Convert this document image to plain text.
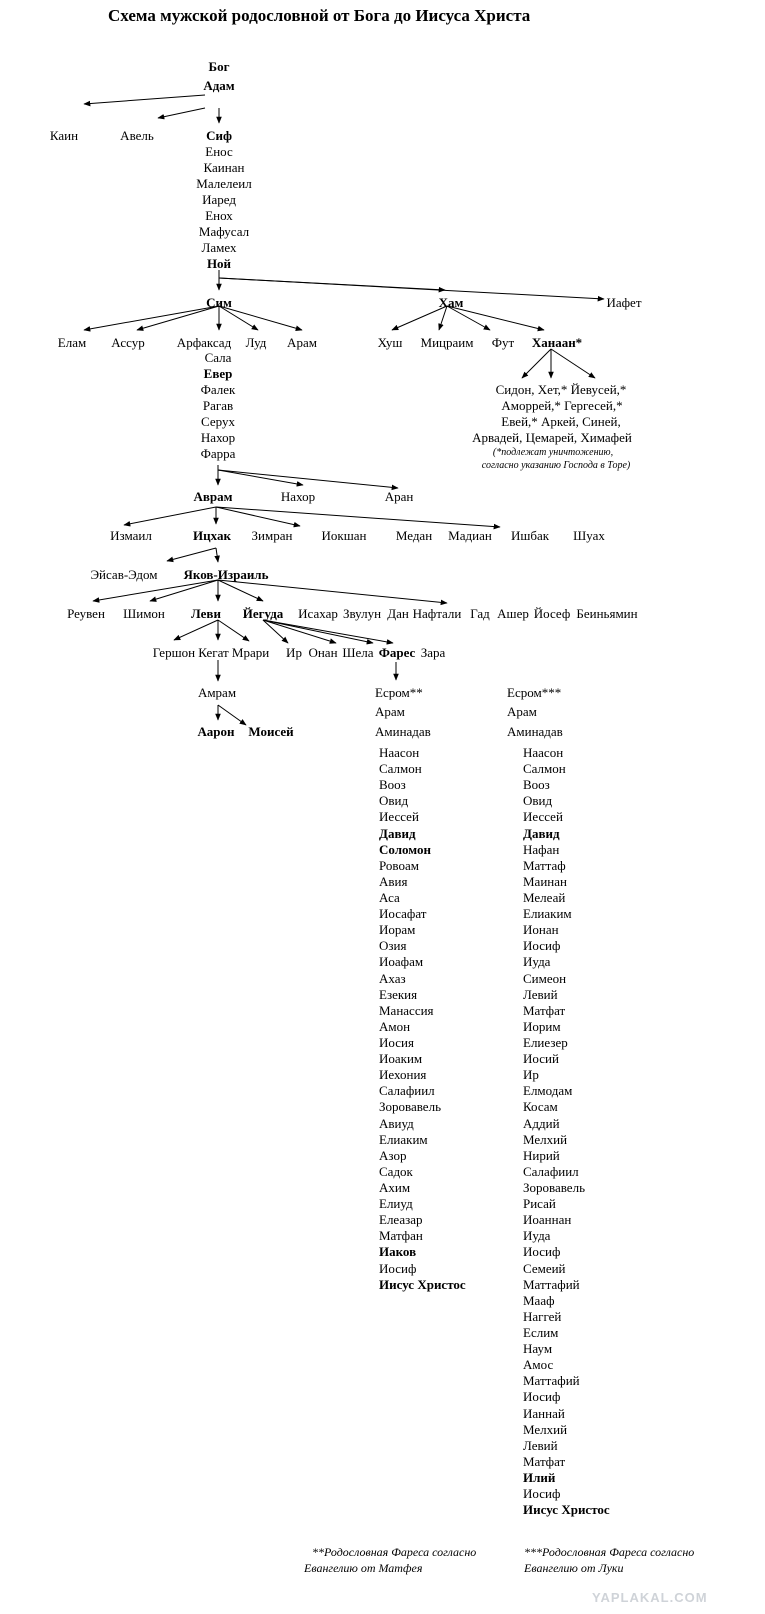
Схема мужской родословной от Бога до Иисуса Христа
Бог
Адам
Каин	Авель	Сиф
Енос
Каинан
Малелеил
Иаред
Енох
Мафусал
Ламех
Ной
Сим	Хам	Иафет
Елам Ассур Арфаксад Луд Арам	Хуш Мицраим Фут Ханаан*
Сидон, Хет,* Йевусей,*
Аморрей,* Гергесей,*
Евей,* Аркей, Синей,
Арвадей, Цемарей, Химафей
(*подлежат уничтожению,
согласно указанию Господа в Торе)
Сала
Евер
Фалек
Рагав
Серух
Нахор
Фарра
Аврам	Нахор	Аран
Измаил	Ицхак Зимран Иокшан Медан Мадиан Ишбак Шуах
Эйсав-Эдом Яков-Израиль
Реувен Шимон Леви Йегуда Исахар Звулун Дан Нафтали Гад Ашер Йосеф Беиньямин
Гершон Кегат Мрари Ир Онан Шела Фарес Зара
Амрам
Аарон Моисей
**Родословная Фареса согласно
Евангелию от Матфея
***Родословная Фареса согласно
Евангелию от Луки
YAPLAKAL.COM
Есром**
Арам
Аминадав
Наасон
Салмон
Вооз
Овид
Иессей
Давид
Соломон
Ровоам
Авия
Аса
Иосафат
Иорам
Озия
Иоафам
Ахаз
Езекия
Манассия
Амон
Иосия
Иоаким
Иехония
Салафиил
Зоровавель
Авиуд
Елиаким
Азор
Садок
Ахим
Елиуд
Елеазар
Матфан
Иаков
Иосиф
Иисус Христос
Есром***
Арам
Аминадав
Наасон
Салмон
Вооз
Овид
Иессей
Давид
Нафан
Маттаф
Маинан
Мелеай
Елиаким
Ионан
Иосиф
Иуда
Симеон
Левий
Матфат
Иорим
Елиезер
Иосий
Ир
Елмодам
Косам
Аддий
Мелхий
Нирий
Салафиил
Зоровавель
Рисай
Иоаннан
Иуда
Иосиф
Семеий
Маттафий
Мааф
Наггей
Еслим
Наум
Амос
Маттафий
Иосиф
Ианнай
Мелхий
Левий
Матфат
Илий
Иосиф
Иисус Христос
